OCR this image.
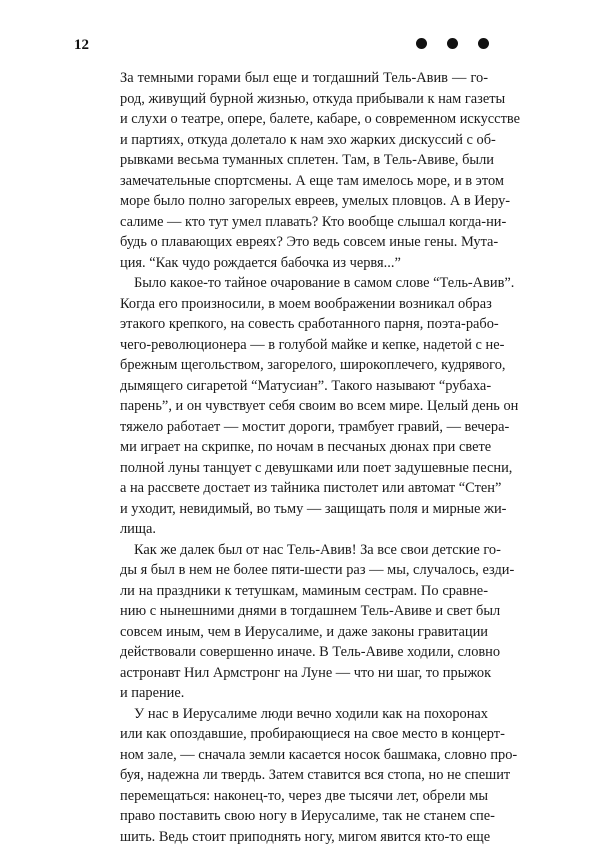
12
За темными горами был еще и тогдашний Тель-Авив — го-
род, живущий бурной жизнью, откуда прибывали к нам газеты
и слухи о театре, опере, балете, кабаре, о современном искусстве
и партиях, откуда долетало к нам эхо жарких дискуссий с об-
рывками весьма туманных сплетен. Там, в Тель-Авиве, были
замечательные спортсмены. А еще там имелось море, и в этом
море было полно загорелых евреев, умелых пловцов. А в Иеру-
салиме — кто тут умел плавать? Кто вообще слышал когда-ни-
будь о плавающих евреях? Это ведь совсем иные гены. Мута-
ция. “Как чудо рождается бабочка из червя...”
Было какое-то тайное очарование в самом слове “Тель-Авив”.
Когда его произносили, в моем воображении возникал образ
этакого крепкого, на совесть сработанного парня, поэта-рабо-
чего-революционера — в голубой майке и кепке, надетой с не-
брежным щегольством, загорелого, широкоплечего, кудрявого,
дымящего сигаретой “Матусиан”. Такого называют “рубаха-
парень”, и он чувствует себя своим во всем мире. Целый день он
тяжело работает — мостит дороги, трамбует гравий, — вечера-
ми играет на скрипке, по ночам в песчаных дюнах при свете
полной луны танцует с девушками или поет задушевные песни,
а на рассвете достает из тайника пистолет или автомат “Стен”
и уходит, невидимый, во тьму — защищать поля и мирные жи-
лища.
Как же далек был от нас Тель-Авив! За все свои детские го-
ды я был в нем не более пяти-шести раз — мы, случалось, езди-
ли на праздники к тетушкам, маминым сестрам. По сравне-
нию с нынешними днями в тогдашнем Тель-Авиве и свет был
совсем иным, чем в Иерусалиме, и даже законы гравитации
действовали совершенно иначе. В Тель-Авиве ходили, словно
астронавт Нил Армстронг на Луне — что ни шаг, то прыжок
и парение.
У нас в Иерусалиме люди вечно ходили как на похоронах
или как опоздавшие, пробирающиеся на свое место в концерт-
ном зале, — сначала земли касается носок башмака, словно про-
буя, надежна ли твердь. Затем ставится вся стопа, но не спешит
перемещаться: наконец-то, через две тысячи лет, обрели мы
право поставить свою ногу в Иерусалиме, так не станем спе-
шить. Ведь стоит приподнять ногу, мигом явится кто-то еще
